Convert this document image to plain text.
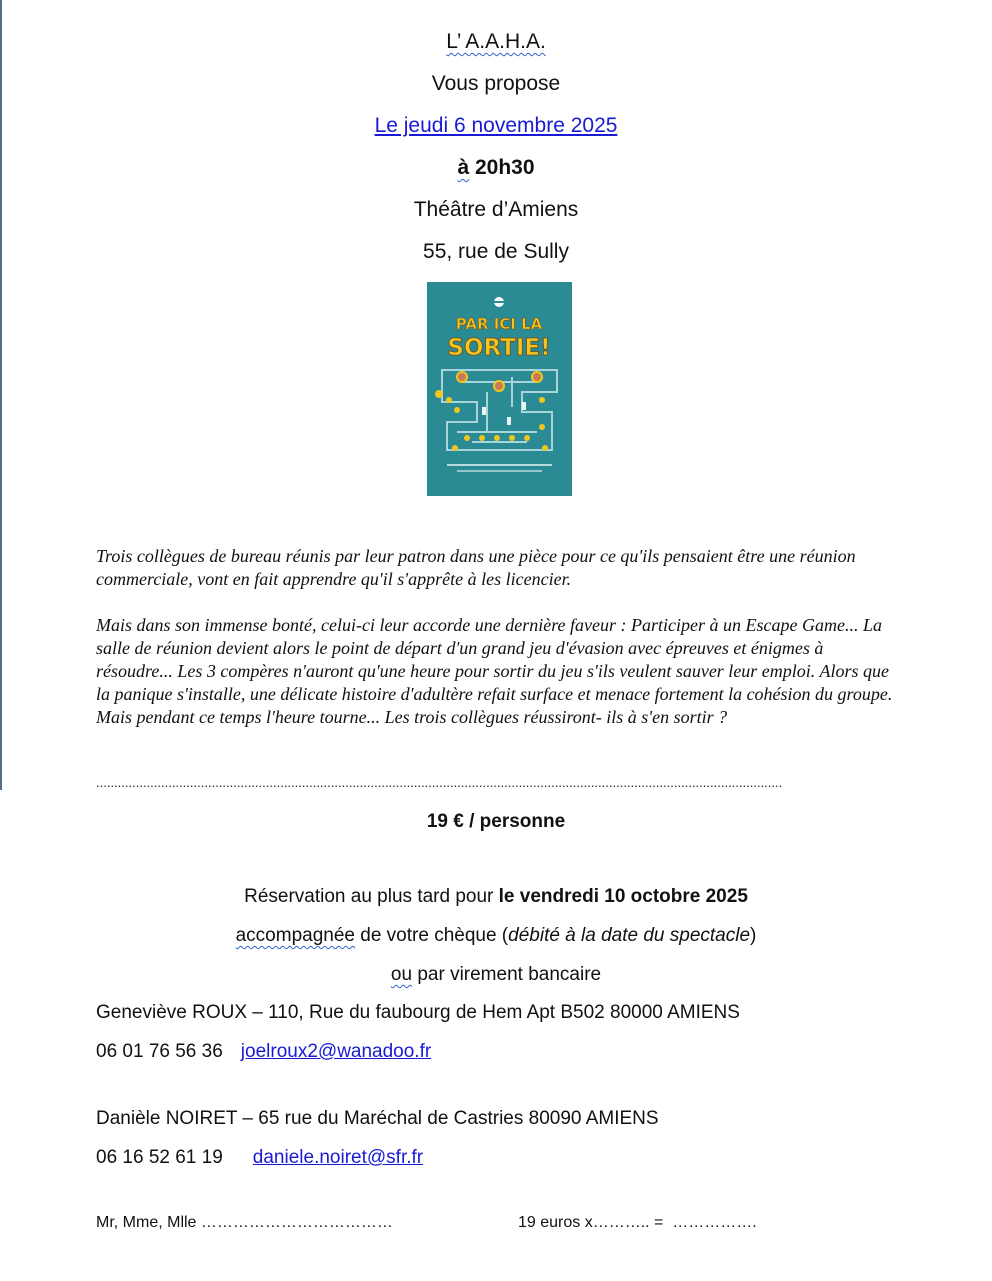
L’ A.A.H.A.
Vous propose
Le jeudi 6 novembre 2025
à 20h30
Théâtre d’Amiens
55, rue de Sully
PAR ICI LA
SORTIE!
Trois collègues de bureau réunis par leur patron dans une pièce pour ce qu'ils pensaient être une réunion commerciale, vont en fait apprendre qu'il s'apprête à les licencier.
Mais dans son immense bonté, celui-ci leur accorde une dernière faveur : Participer à un Escape Game... La salle de réunion devient alors le point de départ d'un grand jeu d'évasion avec épreuves et énigmes à résoudre... Les 3 compères n'auront qu'une heure pour sortir du jeu s'ils veulent sauver leur emploi. Alors que la panique s'installe, une délicate histoire d'adultère refait surface et menace fortement la cohésion du groupe. Mais pendant ce temps l'heure tourne... Les trois collègues réussiront- ils à s'en sortir ?
..............................................................................................................................................................................................
19 € / personne
Réservation au plus tard pour le vendredi 10 octobre 2025
accompagnée de votre chèque (débité à la date du spectacle)
ou par virement bancaire
Geneviève ROUX – 110, Rue du faubourg de Hem Apt B502 80000 AMIENS
06 01 76 56 36 joelroux2@wanadoo.fr
Danièle NOIRET – 65 rue du Maréchal de Castries 80090 AMIENS
06 16 52 61 19 daniele.noiret@sfr.fr
Mr, Mme, Mlle ………………………………	19 euros x……….. =  …………….
